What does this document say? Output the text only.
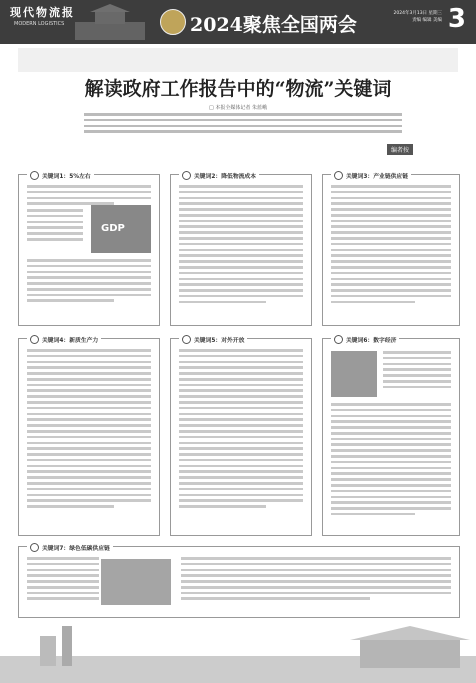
现代物流报
MODERN LOGISTICS	2024聚焦全国两会
2024年3月13日 星期三
责编 编辑 美编 3
解读政府工作报告中的“物流”关键词
□ 本报全媒体记者 朱蓝峨
编者按
关键词1：5%左右
GDP
关键词2：降低物流成本	关键词3：产业链供应链
关键词4：新质生产力	关键词5：对外开放	关键词6：数字经济
关键词7：绿色低碳供应链
